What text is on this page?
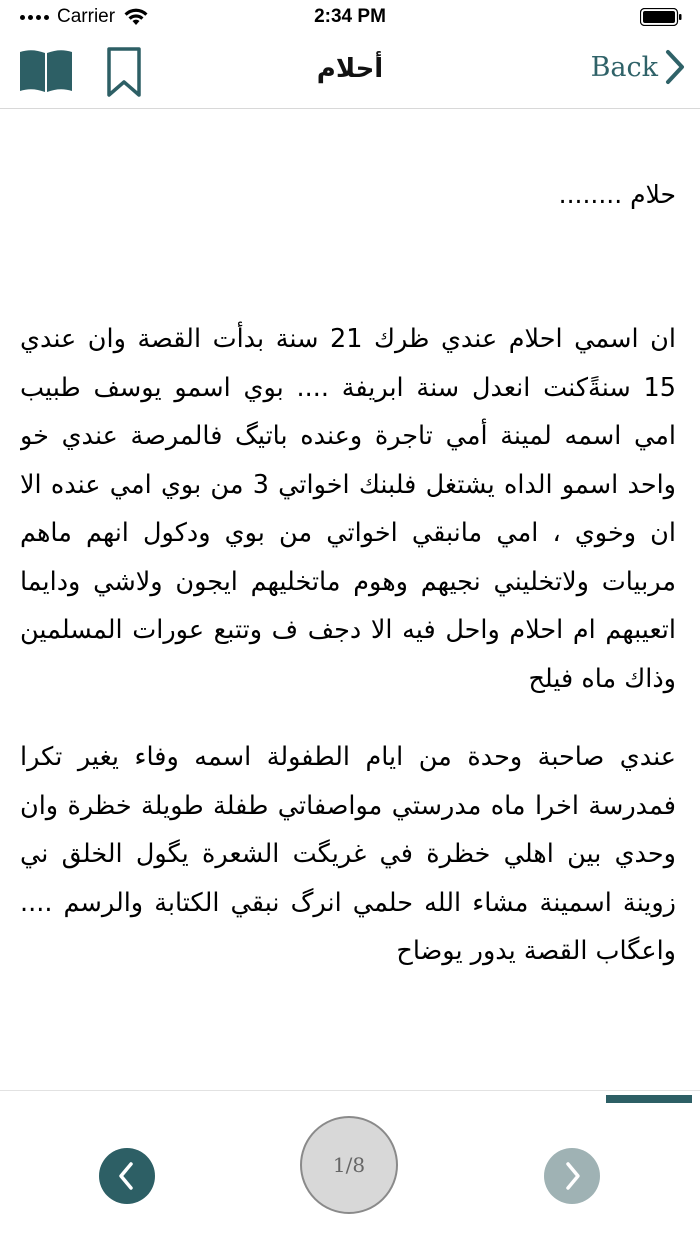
Carrier	2:34 PM
أحلام	Back

حلام ........

ان اسمي احلام عندي ظرك 21 سنة بدأت القصة وان عندي 15 سنةًكنت انعدل سنة ابريفة .... بوي اسمو يوسف طبيب امي اسمه لمينة أمي تاجرة وعنده باتيگ فالمرصة عندي خو واحد اسمو الداه يشتغل فلبنك اخواتي 3 من بوي امي عنده الا ان وخوي ، امي مانبقي اخواتي من بوي ودكول انهم ماهم مربيات ولاتخليني نجيهم وهوم ماتخليهم ايجون ولاشي ودايما اتعيبهم ام احلام واحل فيه الا دجف ف وتتبع عورات المسلمين وذاك ماه فيلح

عندي صاحبة وحدة من ايام الطفولة اسمه وفاء يغير تكرا فمدرسة اخرا ماه مدرستي مواصفاتي طفلة طويلة خظرة وان وحدي بين اهلي خظرة في غريگت الشعرة يگول الخلق ني زوينة اسمينة مشاء الله حلمي انرگ نبقي الكتابة والرسم .... واعگاب القصة يدور يوضاح

1/8
